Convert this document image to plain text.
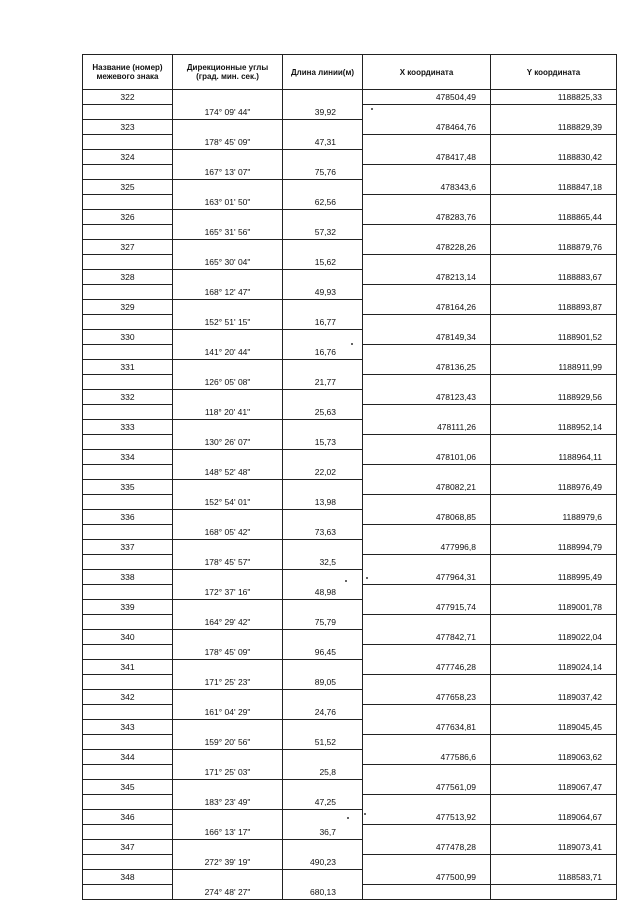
Название (номер) межевого знака	Дирекционные углы (град. мин. сек.)	Длина линии(м)	X координата	Y координата
322			478504,49	1188825,33
	174° 09' 44"	39,92		
323			478464,76	1188829,39
	178° 45' 09"	47,31		
324			478417,48	1188830,42
	167° 13' 07"	75,76		
325			478343,6	1188847,18
	163° 01' 50"	62,56		
326			478283,76	1188865,44
	165° 31' 56"	57,32		
327			478228,26	1188879,76
	165° 30' 04"	15,62		
328			478213,14	1188883,67
	168° 12' 47"	49,93		
329			478164,26	1188893,87
	152° 51' 15"	16,77		
330			478149,34	1188901,52
	141° 20' 44"	16,76		
331			478136,25	1188911,99
	126° 05' 08"	21,77		
332			478123,43	1188929,56
	118° 20' 41"	25,63		
333			478111,26	1188952,14
	130° 26' 07"	15,73		
334			478101,06	1188964,11
	148° 52' 48"	22,02		
335			478082,21	1188976,49
	152° 54' 01"	13,98		
336			478068,85	1188979,6
	168° 05' 42"	73,63		
337			477996,8	1188994,79
	178° 45' 57"	32,5		
338			477964,31	1188995,49
	172° 37' 16"	48,98		
339			477915,74	1189001,78
	164° 29' 42"	75,79		
340			477842,71	1189022,04
	178° 45' 09"	96,45		
341			477746,28	1189024,14
	171° 25' 23"	89,05		
342			477658,23	1189037,42
	161° 04' 29"	24,76		
343			477634,81	1189045,45
	159° 20' 56"	51,52		
344			477586,6	1189063,62
	171° 25' 03"	25,8		
345			477561,09	1189067,47
	183° 23' 49"	47,25		
346			477513,92	1189064,67
	166° 13' 17"	36,7		
347			477478,28	1189073,41
	272° 39' 19"	490,23		
348			477500,99	1188583,71
	274° 48' 27"	680,13		
